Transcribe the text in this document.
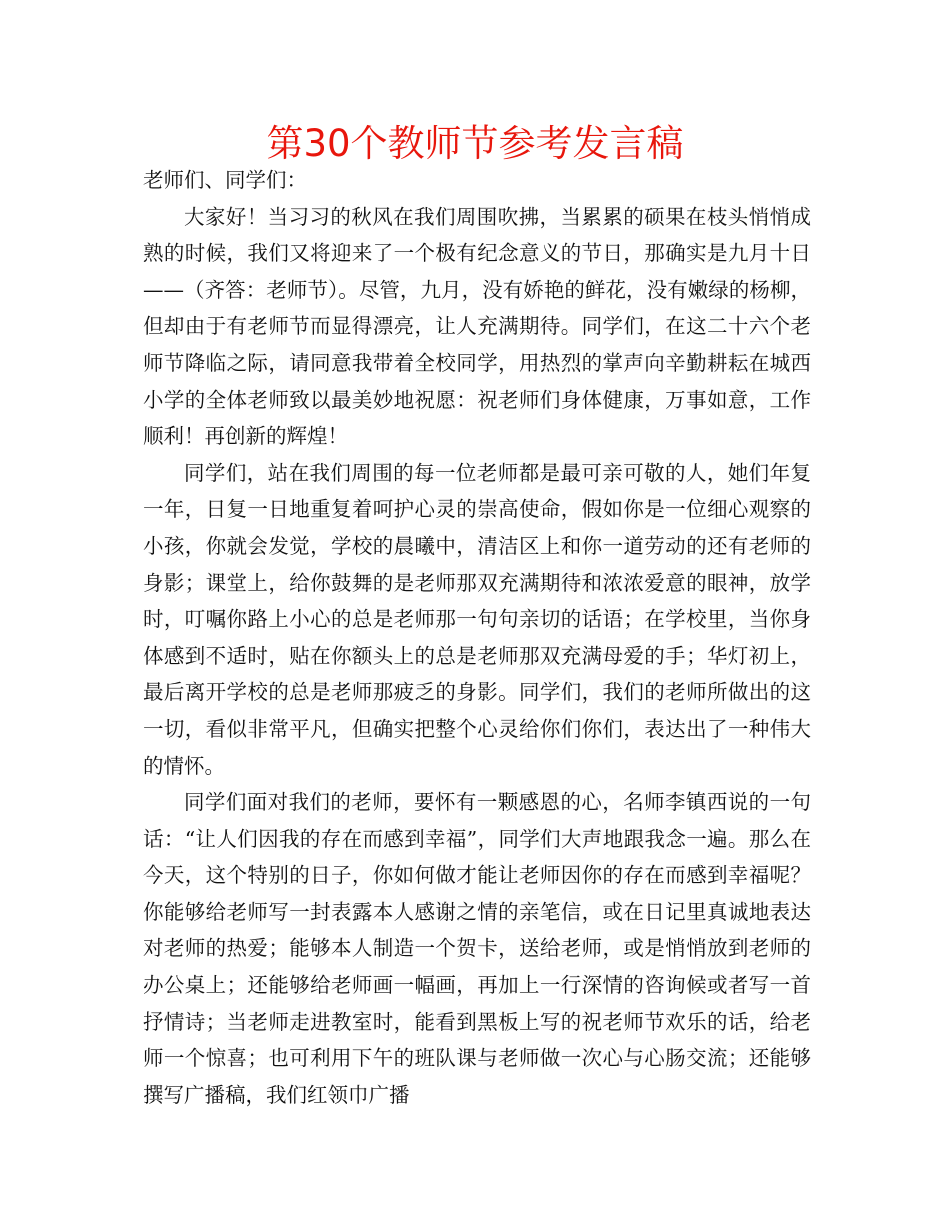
第30个教师节参考发言稿

老师们、同学们：

大家好！当习习的秋风在我们周围吹拂，当累累的硕果在枝头悄悄成熟的时候，我们又将迎来了一个极有纪念意义的节日，那确实是九月十日——（齐答：老师节）。尽管，九月，没有娇艳的鲜花，没有嫩绿的杨柳，但却由于有老师节而显得漂亮，让人充满期待。同学们，在这二十六个老师节降临之际，请同意我带着全校同学，用热烈的掌声向辛勤耕耘在城西小学的全体老师致以最美妙地祝愿：祝老师们身体健康，万事如意，工作顺利！再创新的辉煌！

同学们，站在我们周围的每一位老师都是最可亲可敬的人，她们年复一年，日复一日地重复着呵护心灵的崇高使命，假如你是一位细心观察的小孩，你就会发觉，学校的晨曦中，清洁区上和你一道劳动的还有老师的身影；课堂上，给你鼓舞的是老师那双充满期待和浓浓爱意的眼神，放学时，叮嘱你路上小心的总是老师那一句句亲切的话语；在学校里，当你身体感到不适时，贴在你额头上的总是老师那双充满母爱的手；华灯初上，最后离开学校的总是老师那疲乏的身影。同学们，我们的老师所做出的这一切，看似非常平凡，但确实把整个心灵给你们你们，表达出了一种伟大的情怀。

同学们面对我们的老师，要怀有一颗感恩的心，名师李镇西说的一句话：“让人们因我的存在而感到幸福”，同学们大声地跟我念一遍。那么在今天，这个特别的日子，你如何做才能让老师因你的存在而感到幸福呢？你能够给老师写一封表露本人感谢之情的亲笔信，或在日记里真诚地表达对老师的热爱；能够本人制造一个贺卡，送给老师，或是悄悄放到老师的办公桌上；还能够给老师画一幅画，再加上一行深情的咨询候或者写一首抒情诗；当老师走进教室时，能看到黑板上写的祝老师节欢乐的话，给老师一个惊喜；也可利用下午的班队课与老师做一次心与心肠交流；还能够撰写广播稿，我们红领巾广播
